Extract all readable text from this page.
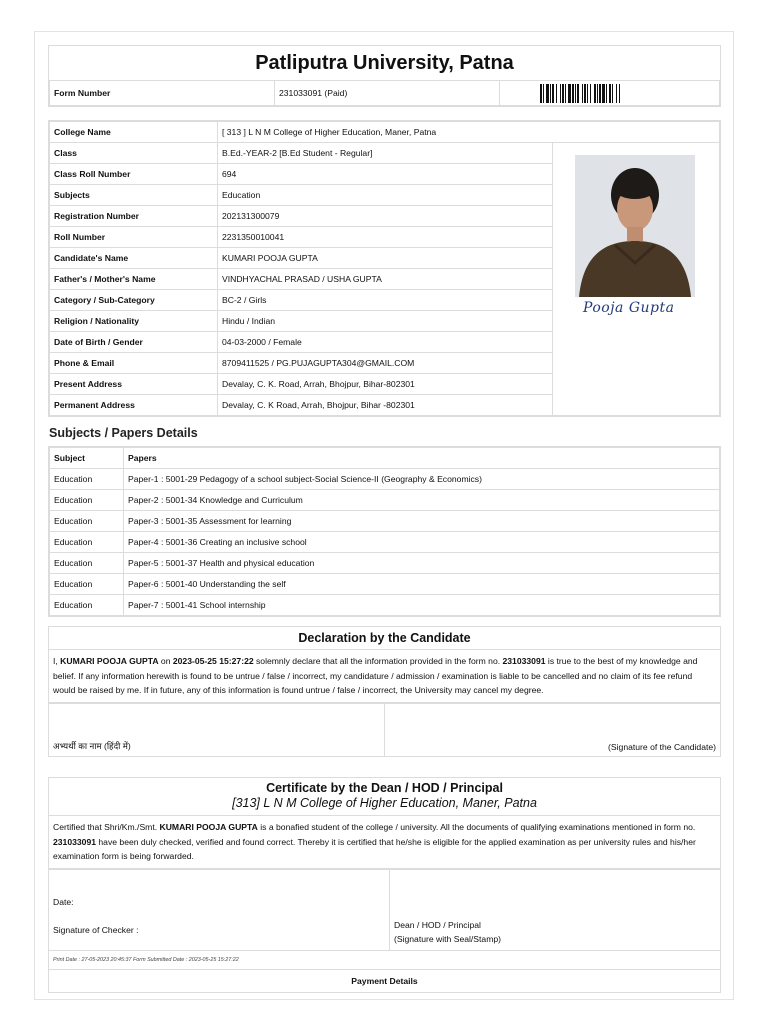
Patliputra University, Patna
Form Number	231033091 (Paid)	
College Name	[ 313 ] L N M College of Higher Education, Maner, Patna	
Class	B.Ed.-YEAR-2 [B.Ed Student - Regular]	
Class Roll Number	694	
Subjects	Education	
Registration Number	202131300079	
Roll Number	2231350010041	
Candidate's Name	KUMARI POOJA GUPTA	
Father's / Mother's Name	VINDHYACHAL PRASAD / USHA GUPTA	
Category / Sub-Category	BC-2 / Girls	
Religion / Nationality	Hindu / Indian	
Date of Birth / Gender	04-03-2000 / Female	
Phone & Email	8709411525 / PG.PUJAGUPTA304@GMAIL.COM	
Present Address	Devalay, C. K. Road, Arrah, Bhojpur, Bihar-802301	
Permanent Address	Devalay, C. K Road, Arrah, Bhojpur, Bihar -802301	
Pooja Gupta
Subjects / Papers Details
Subject	Papers
Education	Paper-1 : 5001-29 Pedagogy of a school subject-Social Science-II (Geography & Economics)
Education	Paper-2 : 5001-34 Knowledge and Curriculum
Education	Paper-3 : 5001-35 Assessment for learning
Education	Paper-4 : 5001-36 Creating an inclusive school
Education	Paper-5 : 5001-37 Health and physical education
Education	Paper-6 : 5001-40 Understanding the self
Education	Paper-7 : 5001-41 School internship
Declaration by the Candidate
I, KUMARI POOJA GUPTA on 2023-05-25 15:27:22 solemnly declare that all the information provided in the form no. 231033091 is true to the best of my knowledge and belief. If any information herewith is found to be untrue / false / incorrect, my candidature / admission / examination is liable to be cancelled and no claim of its fee refund would be raised by me. If in future, any of this information is found untrue / false / incorrect, the University may cancel my degree.
अभ्यर्थी का नाम (हिंदी में)	(Signature of the Candidate)
Certificate by the Dean / HOD / Principal
[313] L N M College of Higher Education, Maner, Patna
Certified that Shri/Km./Smt. KUMARI POOJA GUPTA is a bonafied student of the college / university. All the documents of qualifying examinations mentioned in form no. 231033091 have been duly checked, verified and found correct. Thereby it is certified that he/she is eligible for the applied examination as per university rules and his/her examination form is being forwarded.
Date:
Signature of Checker :	Dean / HOD / Principal
(Signature with Seal/Stamp)

Print Date : 27-05-2023 20:45:37 Form Submitted Date : 2023-05-25 15:27:22
Payment Details
